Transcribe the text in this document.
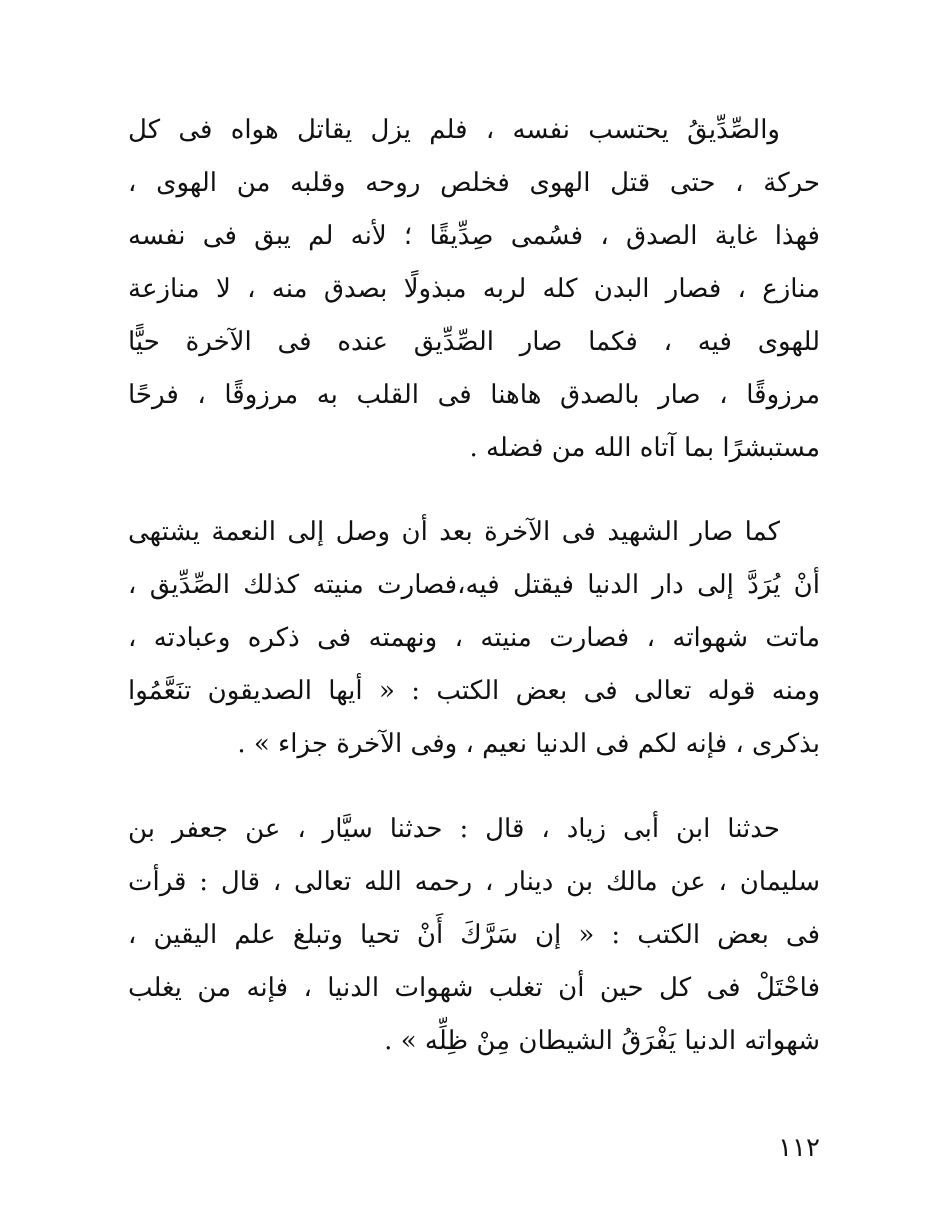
والصِّدِّيقُ يحتسب نفسه ، فلم يزل يقاتل هواه فى كل
حركة ، حتى قتل الهوى فخلص روحه وقلبه من الهوى ،
فهذا غاية الصدق ، فسُمى صِدِّيقًا ؛ لأنه لم يبق فى نفسه
منازع ، فصار البدن كله لربه مبذولًا بصدق منه ، لا منازعة
للهوى فيه ، فكما صار الصِّدِّيق عنده فى الآخرة حيًّا
مرزوقًا ، صار بالصدق هاهنا فى القلب به مرزوقًا ، فرحًا
مستبشرًا بما آتاه الله من فضله .
كما صار الشهيد فى الآخرة بعد أن وصل إلى النعمة يشتهى
أنْ يُرَدَّ إلى دار الدنيا فيقتل فيه،فصارت منيته كذلك الصِّدِّيق ،
ماتت شهواته ، فصارت منيته ، ونهمته فى ذكره وعبادته ،
ومنه قوله تعالى فى بعض الكتب : « أيها الصديقون تنَعَّمُوا
بذكرى ، فإنه لكم فى الدنيا نعيم ، وفى الآخرة جزاء » .
حدثنا ابن أبى زياد ، قال : حدثنا سيَّار ، عن جعفر بن
سليمان ، عن مالك بن دينار ، رحمه الله تعالى ، قال : قرأت
فى بعض الكتب : « إن سَرَّكَ أَنْ تحيا وتبلغ علم اليقين ،
فاحْتَلْ فى كل حين أن تغلب شهوات الدنيا ، فإنه من يغلب
شهواته الدنيا يَفْرَقُ الشيطان مِنْ ظِلِّه » .
١١٢
